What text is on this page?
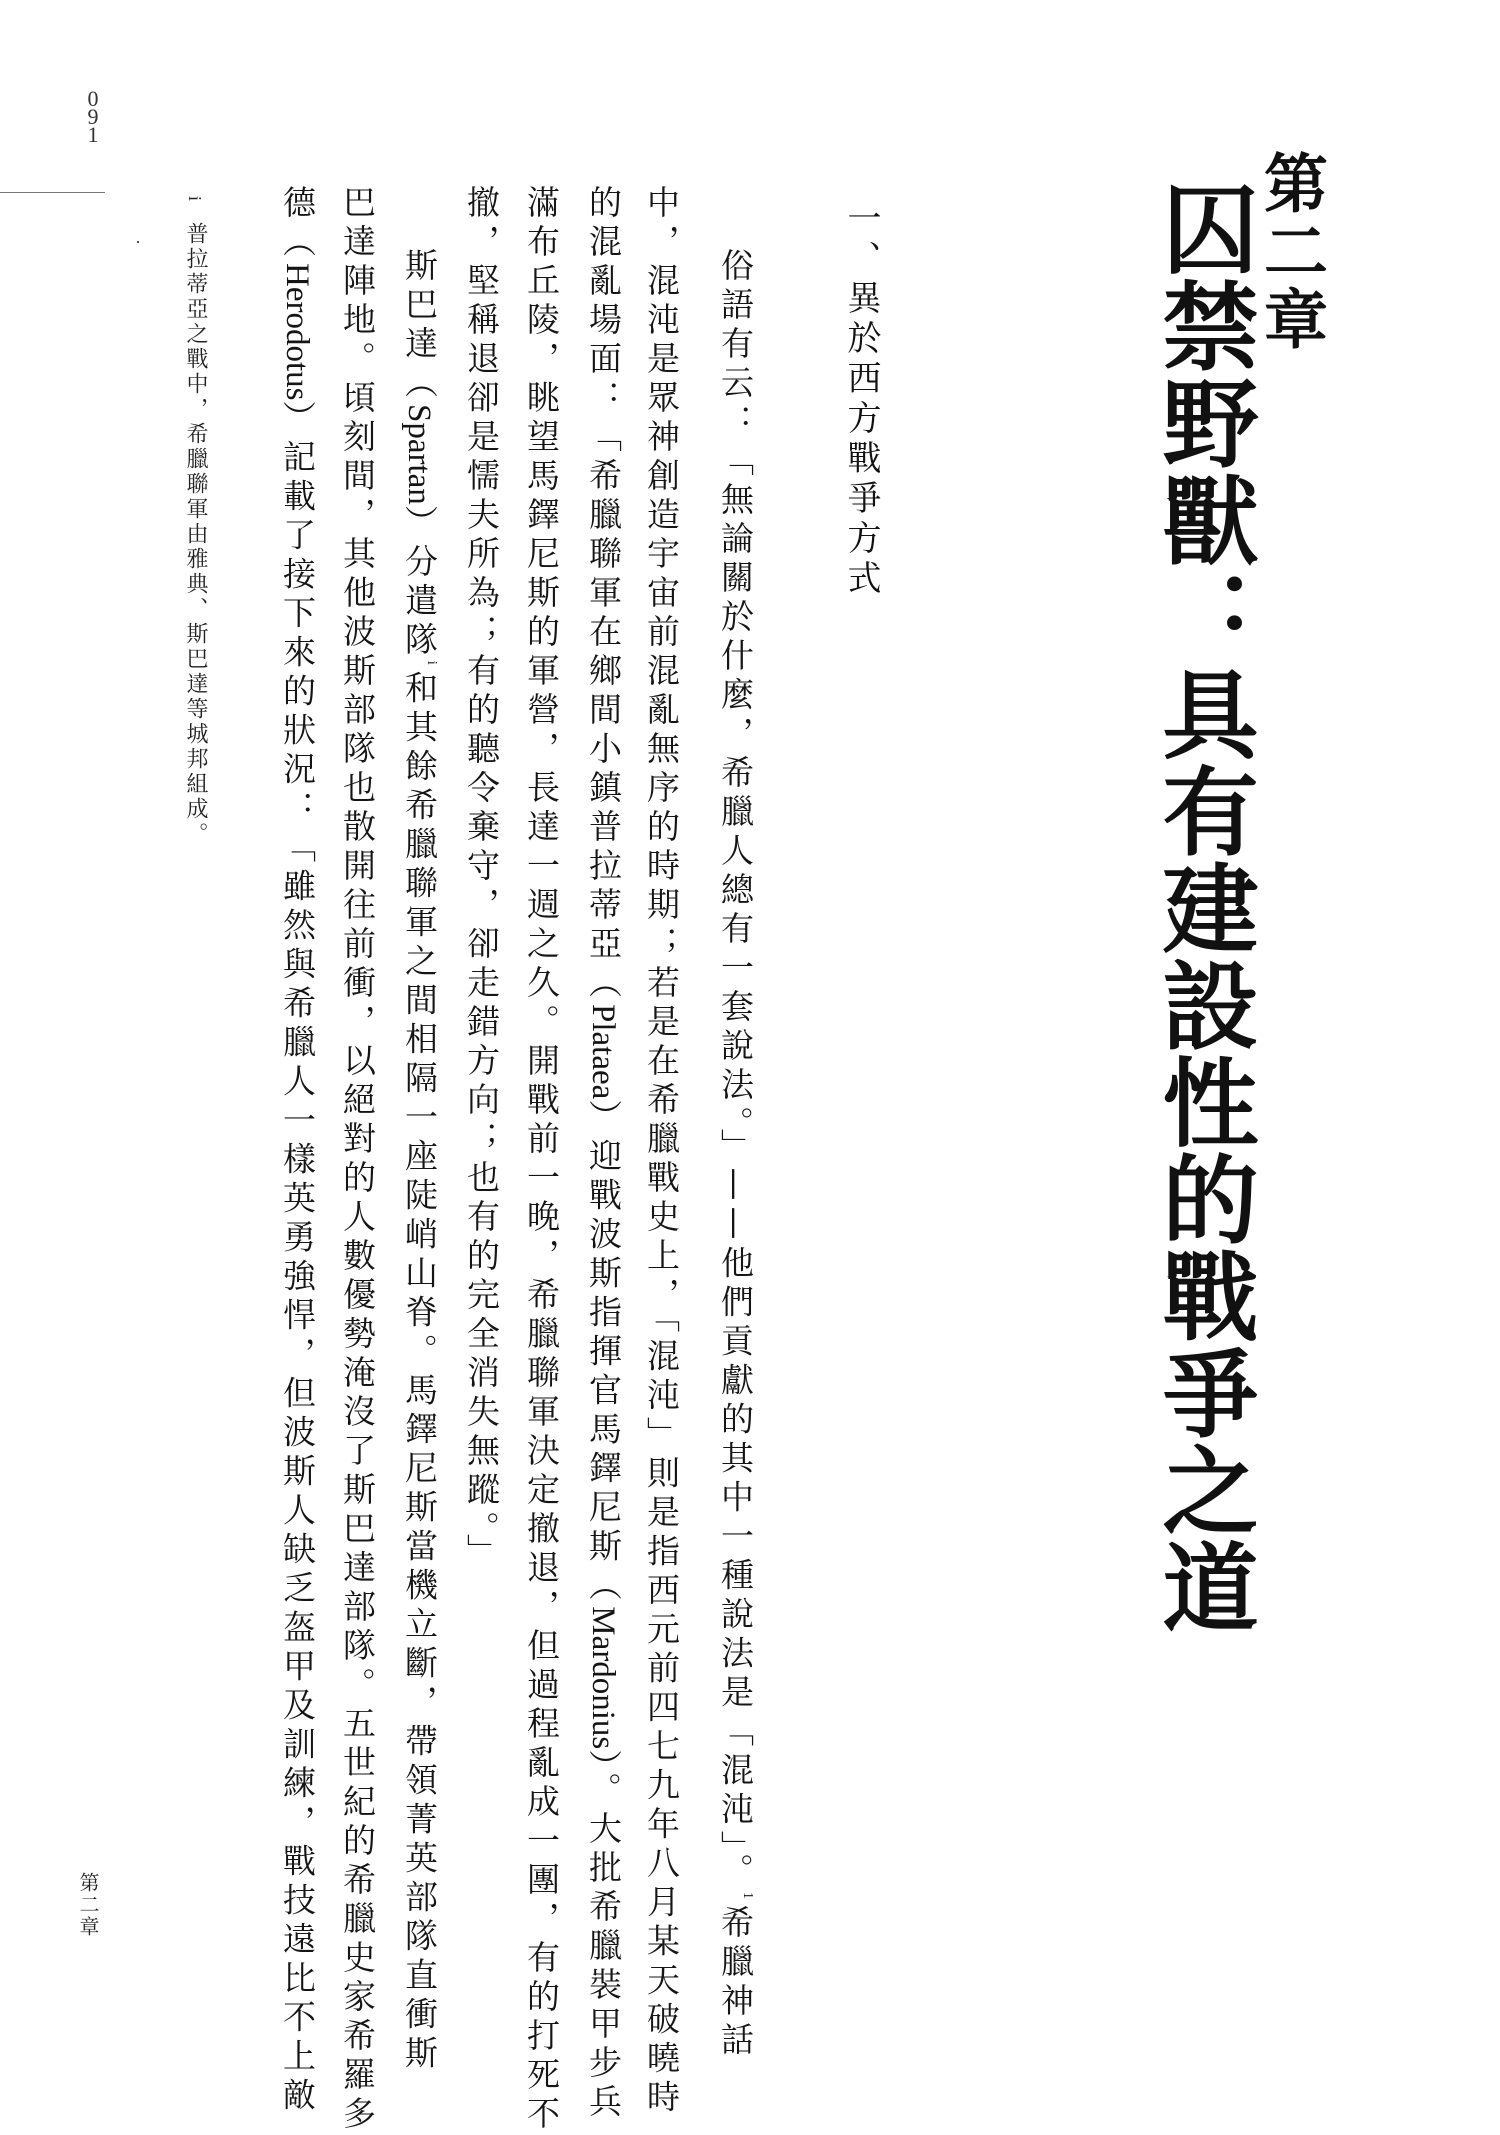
0
9
1
第二章
囚禁野獸：具有建設性的戰爭之道
一、異於西方戰爭方式
俗語有云：「無論關於什麼，希臘人總有一套說法。」——他們貢獻的其中一種說法是「混沌」。$^1$希臘神話
中，混沌是眾神創造宇宙前混亂無序的時期；若是在希臘戰史上，「混沌」則是指西元前四七九年八月某天破曉時
的混亂場面：「希臘聯軍在鄉間小鎮普拉蒂亞（Plataea）迎戰波斯指揮官馬鐸尼斯（Mardonius）。大批希臘裝甲步兵
滿布丘陵，眺望馬鐸尼斯的軍營，長達一週之久。開戰前一晚，希臘聯軍決定撤退，但過程亂成一團，有的打死不
撤，堅稱退卻是懦夫所為；有的聽令棄守，卻走錯方向；也有的完全消失無蹤。」
斯巴達（Spartan）分遣隊$^i$和其餘希臘聯軍之間相隔一座陡峭山脊。馬鐸尼斯當機立斷，帶領菁英部隊直衝斯
巴達陣地。頃刻間，其他波斯部隊也散開往前衝，以絕對的人數優勢淹沒了斯巴達部隊。五世紀的希臘史家希羅多
德（Herodotus）記載了接下來的狀況：「雖然與希臘人一樣英勇強悍，但波斯人缺乏盔甲及訓練，戰技遠比不上敵
i 普拉蒂亞之戰中，希臘聯軍由雅典、斯巴達等城邦組成。
第二章
